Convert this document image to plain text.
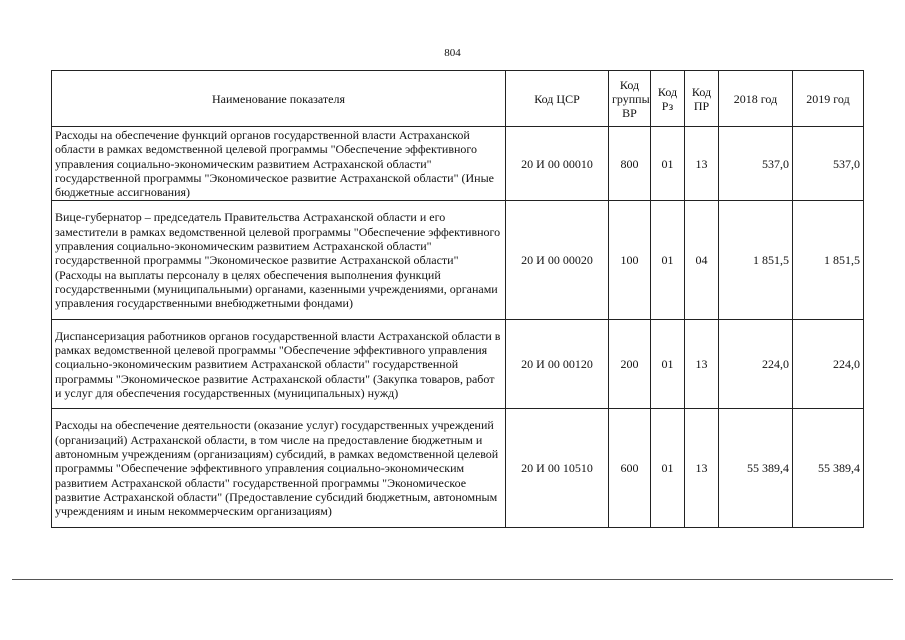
804
Наименование показателя	Код ЦСР	Код группы ВР	Код Рз	Код ПР	2018 год	2019 год
Расходы на обеспечение функций органов государственной власти Астраханской области в рамках ведомственной целевой программы "Обеспечение эффективного управления социально-экономическим развитием Астраханской области" государственной программы "Экономическое развитие Астраханской области" (Иные бюджетные ассигнования)	20 И 00 00010	800	01	13	537,0	537,0
Вице-губернатор – председатель Правительства Астраханской области и его заместители в рамках ведомственной целевой программы "Обеспечение эффективного управления социально-экономическим развитием Астраханской области" государственной программы "Экономическое развитие Астраханской области" (Расходы на выплаты персоналу в целях обеспечения выполнения функций государственными (муниципальными) органами, казенными учреждениями, органами управления государственными внебюджетными фондами)	20 И 00 00020	100	01	04	1 851,5	1 851,5
Диспансеризация работников органов государственной власти Астраханской области в рамках ведомственной целевой программы "Обеспечение эффективного управления социально-экономическим развитием Астраханской области" государственной программы "Экономическое развитие Астраханской области" (Закупка товаров, работ и услуг для обеспечения государственных (муниципальных) нужд)	20 И 00 00120	200	01	13	224,0	224,0
Расходы на обеспечение деятельности (оказание услуг) государственных учреждений (организаций) Астраханской области, в том числе на предоставление бюджетным и автономным учреждениям (организациям) субсидий, в рамках ведомственной целевой программы "Обеспечение эффективного управления социально-экономическим развитием Астраханской области" государственной программы "Экономическое развитие Астраханской области" (Предоставление субсидий бюджетным, автономным учреждениям и иным некоммерческим организациям)	20 И 00 10510	600	01	13	55 389,4	55 389,4
